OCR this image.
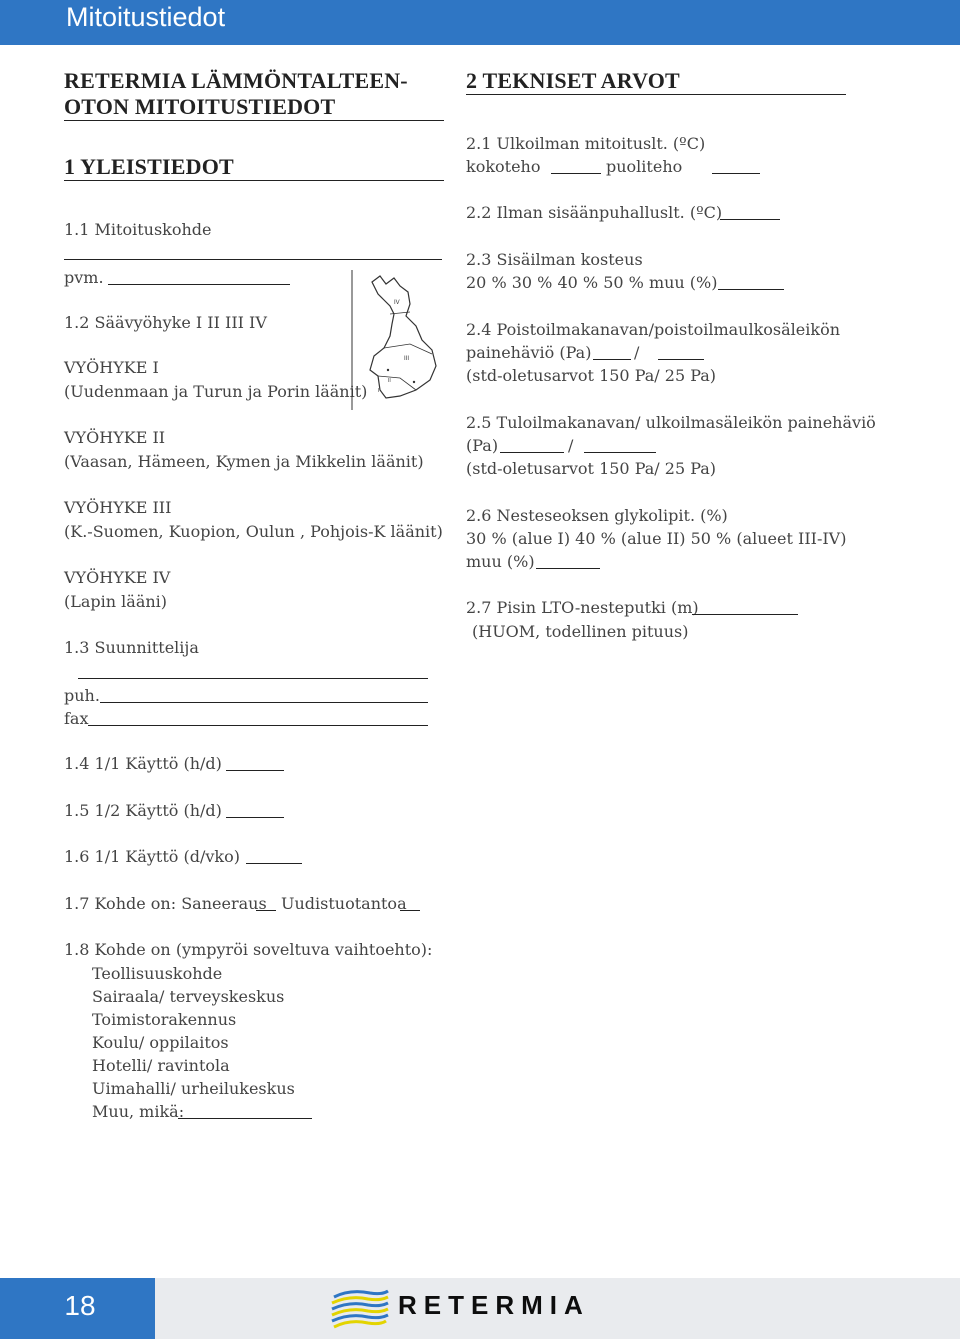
Mitoitustiedot
RETERMIA LÄMMÖNTALTEEN-
OTON MITOITUSTIEDOT
1 YLEISTIEDOT
1.1 Mitoituskohde
pvm.
1.2 Säävyöhyke I II III IV
VYÖHYKE I
(Uudenmaan ja Turun ja Porin läänit)
VYÖHYKE II
(Vaasan, Hämeen, Kymen ja Mikkelin läänit)
VYÖHYKE III
(K.-Suomen, Kuopion, Oulun , Pohjois-K läänit)
VYÖHYKE IV
(Lapin lääni)
1.3 Suunnittelija
puh.
fax
1.4 1/1 Käyttö (h/d)
1.5 1/2 Käyttö (h/d)
1.6 1/1 Käyttö (d/vko)
1.7 Kohde on: Saneeraus Uudistuotantoa
1.8 Kohde on (ympyröi soveltuva vaihtoehto):
Teollisuuskohde
Sairaala/ terveyskeskus
Toimistorakennus
Koulu/ oppilaitos
Hotelli/ ravintola
Uimahalli/ urheilukeskus
Muu, mikä:
IV
III
II
I
2 TEKNISET ARVOT
2.1 Ulkoilman mitoituslt. (ºC)
kokoteho	puoliteho
2.2 Ilman sisäänpuhalluslt. (ºC)
2.3 Sisäilman kosteus
20 % 30 % 40 % 50 % muu (%)
2.4 Poistoilmakanavan/poistoilmaulkosäleikön
painehäviö (Pa)	/
(std-oletusarvot 150 Pa/ 25 Pa)
2.5 Tuloilmakanavan/ ulkoilmasäleikön painehäviö
(Pa)	/
(std-oletusarvot 150 Pa/ 25 Pa)
2.6 Nesteseoksen glykolipit. (%)
30 % (alue I) 40 % (alue II) 50 % (alueet III-IV)
muu (%)
2.7 Pisin LTO-nesteputki (m)
(HUOM, todellinen pituus)
18	RETERMIA
